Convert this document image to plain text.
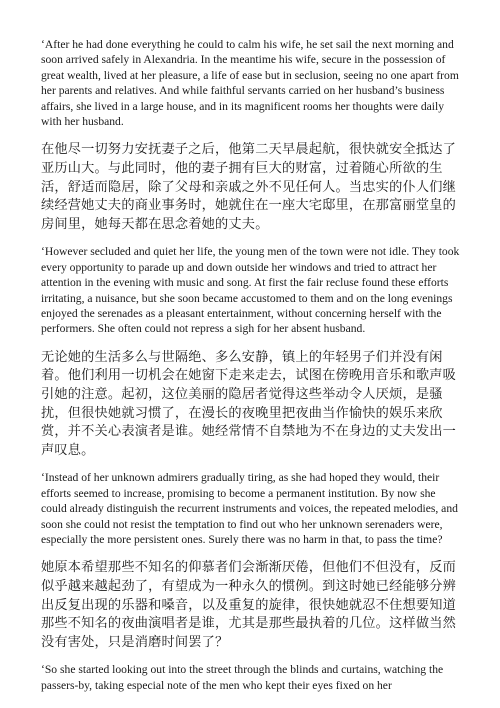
‘After he had done everything he could to calm his wife, he set sail the next morning and soon arrived safely in Alexandria. In the meantime his wife, secure in the possession of great wealth, lived at her pleasure, a life of ease but in seclusion, seeing no one apart from her parents and relatives. And while faithful servants carried on her husband’s business affairs, she lived in a large house, and in its magnificent rooms her thoughts were daily with her husband.

在他尽一切努力安抚妻子之后，他第二天早晨起航，很快就安全抵达了亚历山大。与此同时，他的妻子拥有巨大的财富，过着随心所欲的生活，舒适而隐居，除了父母和亲戚之外不见任何人。当忠实的仆人们继续经营她丈夫的商业事务时，她就住在一座大宅邸里，在那富丽堂皇的房间里，她每天都在思念着她的丈夫。

‘However secluded and quiet her life, the young men of the town were not idle. They took every opportunity to parade up and down outside her windows and tried to attract her attention in the evening with music and song. At first the fair recluse found these efforts irritating, a nuisance, but she soon became accustomed to them and on the long evenings enjoyed the serenades as a pleasant entertainment, without concerning herself with the performers. She often could not repress a sigh for her absent husband.

无论她的生活多么与世隔绝、多么安静，镇上的年轻男子们并没有闲着。他们利用一切机会在她窗下走来走去，试图在傍晚用音乐和歌声吸引她的注意。起初，这位美丽的隐居者觉得这些举动令人厌烦，是骚扰，但很快她就习惯了，在漫长的夜晚里把夜曲当作愉快的娱乐来欣赏，并不关心表演者是谁。她经常情不自禁地为不在身边的丈夫发出一声叹息。

‘Instead of her unknown admirers gradually tiring, as she had hoped they would, their efforts seemed to increase, promising to become a permanent institution. By now she could already distinguish the recurrent instruments and voices, the repeated melodies, and soon she could not resist the temptation to find out who her unknown serenaders were, especially the more persistent ones. Surely there was no harm in that, to pass the time?

她原本希望那些不知名的仰慕者们会渐渐厌倦，但他们不但没有，反而似乎越来越起劲了，有望成为一种永久的惯例。到这时她已经能够分辨出反复出现的乐器和嗓音，以及重复的旋律，很快她就忍不住想要知道那些不知名的夜曲演唱者是谁，尤其是那些最执着的几位。这样做当然没有害处，只是消磨时间罢了？

‘So she started looking out into the street through the blinds and curtains, watching the passers-by, taking especial note of the men who kept their eyes fixed on her
